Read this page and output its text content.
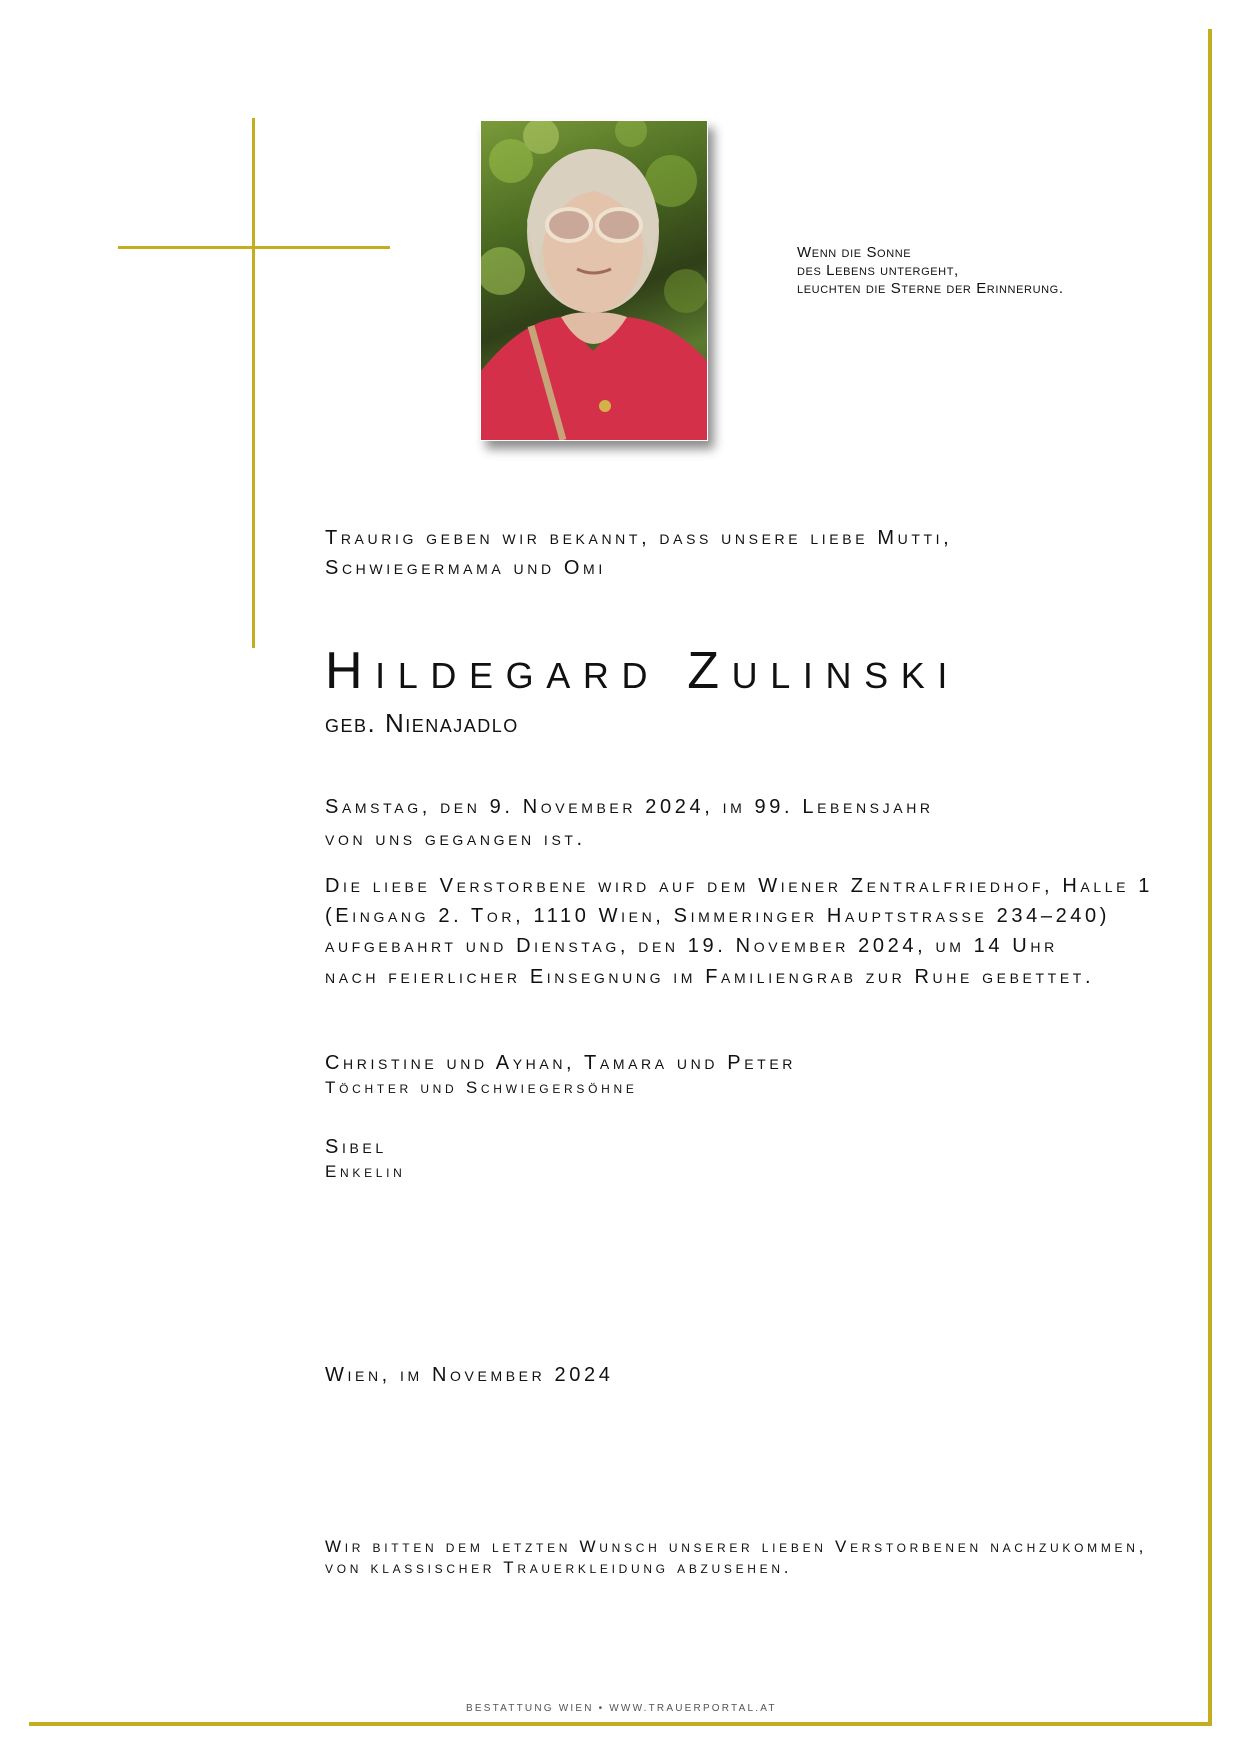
Wenn die Sonne
des Lebens untergeht,
leuchten die Sterne der Erinnerung.
Traurig geben wir bekannt, dass unsere liebe Mutti,
Schwiegermama und Omi
Hildegard Zulinski
geb. Nienajadlo
Samstag, den 9. November 2024, im 99. Lebensjahr
von uns gegangen ist.
Die liebe Verstorbene wird auf dem Wiener Zentralfriedhof, Halle 1
(Eingang 2. Tor, 1110 Wien, Simmeringer Hauptstrasse 234–240)
aufgebahrt und Dienstag, den 19. November 2024, um 14 Uhr
nach feierlicher Einsegnung im Familiengrab zur Ruhe gebettet.
Christine und Ayhan, Tamara und Peter
Töchter und Schwiegersöhne
Sibel
Enkelin
Wien, im November 2024
Wir bitten dem letzten Wunsch unserer lieben Verstorbenen nachzukommen,
von klassischer Trauerkleidung abzusehen.
BESTATTUNG WIEN • WWW.TRAUERPORTAL.AT
